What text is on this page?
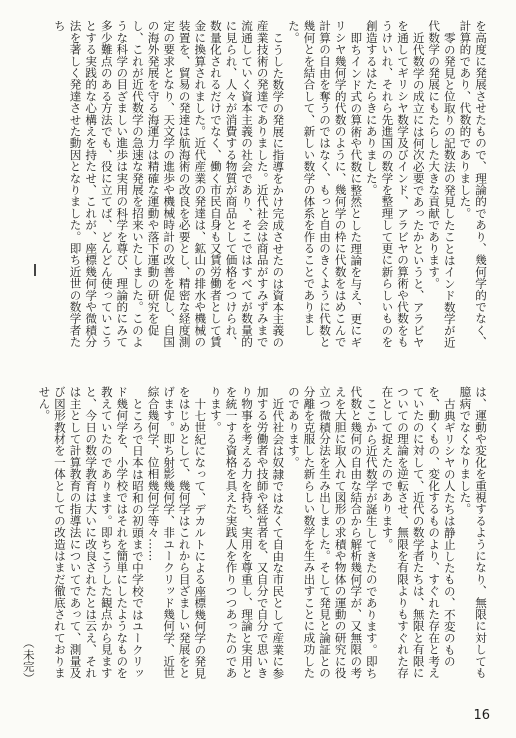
を高度に発展させたもので、理論的であり、幾何学的でなく、計算的であり、代数的でありました。

零の発見と位取りの記数法の発見したことはインド数学が近代数学の発展にもたらした大きな貢献であります。

近代数学の成立には何次必要であったかというと、アラビヤを通してギリシヤ数学及びインド、アラビヤの算術や代数をもうけいれ、それら先進国の数学を整理して更に新らしいものを創造するはたらきにありました。

即ちインド式の算術や代数に整然とした理論を与え、更にギリシヤ幾何学的代数のように、幾何学の枠に代数をはめこんで計算の自由を奪うのではなく、もっと自由のきくように代数と幾何とを結合して、新しい数学の体系を作ることでありました。

こうした数学の発展に指導をかけ完成させたのは資本主義の産業技術の発達でありました。近代社会は商品がすみずみまで流通していく資本主義の社会であり、そこではすべてが数量的に見られ、人々が消費する物質が商品として価格をつけられ、数量化されるだけでなく、働く市民自身も又賃労働者として賃金に換算されました。近代産業の発達は、鉱山の排水や機械の装置を、貿易の発達は航海術の改良を必要とし、精密な経度測定の要求となり、天文学の進歩や機械時計の改善を促し、自国の海外発展を守る海運力は精確な運動や落下運動の研究を促し、これが近代数学の急速な発展を招来いたしました。このような科学の目ざましい進歩は実用の科学を尊び、理論的にみて多少難点のある方法でも、役に立てば、どんどん使っていこうとする実践的な心構えを持たせ、これが、座標幾何学や微積分法を著しく発達させた動因となりました。即ち近世の数学者たち

は、運動や変化を重視するようになり、無限に対しても臆病でなくなりました。

古典ギリシヤの人たちは静止したもの、不変のものを、動くもの、変化するものより、すぐれた存在と考えていたのに対して、近代の数学者たちは、無限と有限についての理論を逆転させ、無限を有限よりもすぐれた存在として捉えたのであります。

ここから近代数学が誕生してきたのであります。即ち代数と幾何の自由な結合から解析幾何学が、又無限の考えを大胆に取入れて図形の求積や物体の運動の研究に役立つ微積分法を生み出しました。そして発見と論証との分離を克服した新らしい数学を生み出すことに成功したのであります。

近代社会は奴隷ではなくて自由な市民として産業に参加する労働者や技師や経営者を、又自分で自分で思いきり物事を考える力を持ち、実用を尊重し、理論と実用とを統一する資格を具えた実践人を作りつつあったのであります。

十七世紀になって、デカルトによる座標幾何学の発見をはじめとして、幾何学はこれから目ざましい発展をとげます。即ち射影幾何学、非ユークリッド幾何学、近世綜合幾何学、位相幾何学等々……

ところで日本は昭和の初頭まで中学校ではユークリッド幾何学を、小学校ではそれを簡単にしたようなものを教えていたのであります。即ちこうした観点から見ますと、今日の数学教育は大いに改良されたとは云え、それは主として計算教育の指導法についてであって、測量及び図形教材を一体としての改造はまだ徹底されておりません。

（未完）

16
